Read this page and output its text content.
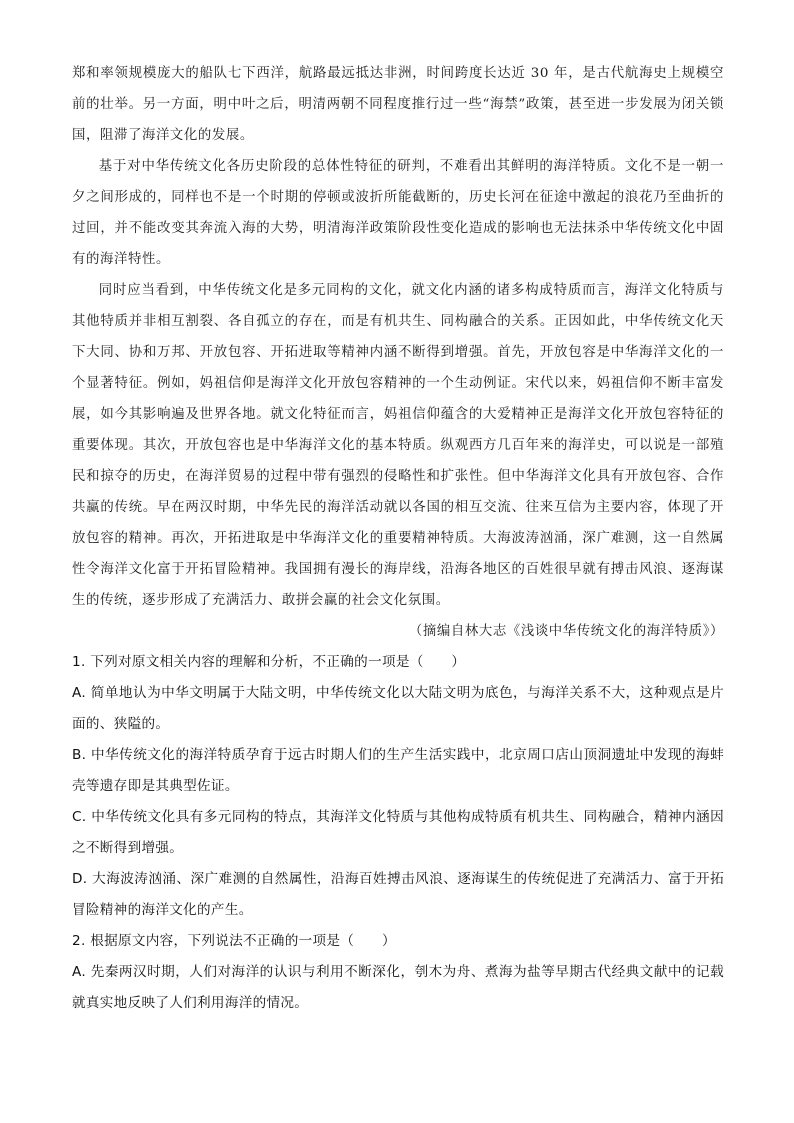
郑和率领规模庞大的船队七下西洋，航路最远抵达非洲，时间跨度长达近 30 年，是古代航海史上规模空前的壮举。另一方面，明中叶之后，明清两朝不同程度推行过一些“海禁”政策，甚至进一步发展为闭关锁国，阻滞了海洋文化的发展。

基于对中华传统文化各历史阶段的总体性特征的研判，不难看出其鲜明的海洋特质。文化不是一朝一夕之间形成的，同样也不是一个时期的停顿或波折所能截断的，历史长河在征途中激起的浪花乃至曲折的过回，并不能改变其奔流入海的大势，明清海洋政策阶段性变化造成的影响也无法抹杀中华传统文化中固有的海洋特性。

同时应当看到，中华传统文化是多元同构的文化，就文化内涵的诸多构成特质而言，海洋文化特质与其他特质并非相互割裂、各自孤立的存在，而是有机共生、同构融合的关系。正因如此，中华传统文化天下大同、协和万邦、开放包容、开拓进取等精神内涵不断得到增强。首先，开放包容是中华海洋文化的一个显著特征。例如，妈祖信仰是海洋文化开放包容精神的一个生动例证。宋代以来，妈祖信仰不断丰富发展，如今其影响遍及世界各地。就文化特征而言，妈祖信仰蕴含的大爱精神正是海洋文化开放包容特征的重要体现。其次，开放包容也是中华海洋文化的基本特质。纵观西方几百年来的海洋史，可以说是一部殖民和掠夺的历史，在海洋贸易的过程中带有强烈的侵略性和扩张性。但中华海洋文化具有开放包容、合作共赢的传统。早在两汉时期，中华先民的海洋活动就以各国的相互交流、往来互信为主要内容，体现了开放包容的精神。再次，开拓进取是中华海洋文化的重要精神特质。大海波涛汹涌，深广难测，这一自然属性令海洋文化富于开拓冒险精神。我国拥有漫长的海岸线，沿海各地区的百姓很早就有搏击风浪、逐海谋生的传统，逐步形成了充满活力、敢拼会赢的社会文化氛围。

（摘编自林大志《浅谈中华传统文化的海洋特质》）

1. 下列对原文相关内容的理解和分析，不正确的一项是（　　）

A. 简单地认为中华文明属于大陆文明，中华传统文化以大陆文明为底色，与海洋关系不大，这种观点是片面的、狭隘的。

B. 中华传统文化的海洋特质孕育于远古时期人们的生产生活实践中，北京周口店山顶洞遗址中发现的海蚌壳等遗存即是其典型佐证。

C. 中华传统文化具有多元同构的特点，其海洋文化特质与其他构成特质有机共生、同构融合，精神内涵因之不断得到增强。

D. 大海波涛汹涌、深广难测的自然属性，沿海百姓搏击风浪、逐海谋生的传统促进了充满活力、富于开拓冒险精神的海洋文化的产生。

2. 根据原文内容，下列说法不正确的一项是（　　）

A. 先秦两汉时期，人们对海洋的认识与利用不断深化，刳木为舟、煮海为盐等早期古代经典文献中的记载就真实地反映了人们利用海洋的情况。
